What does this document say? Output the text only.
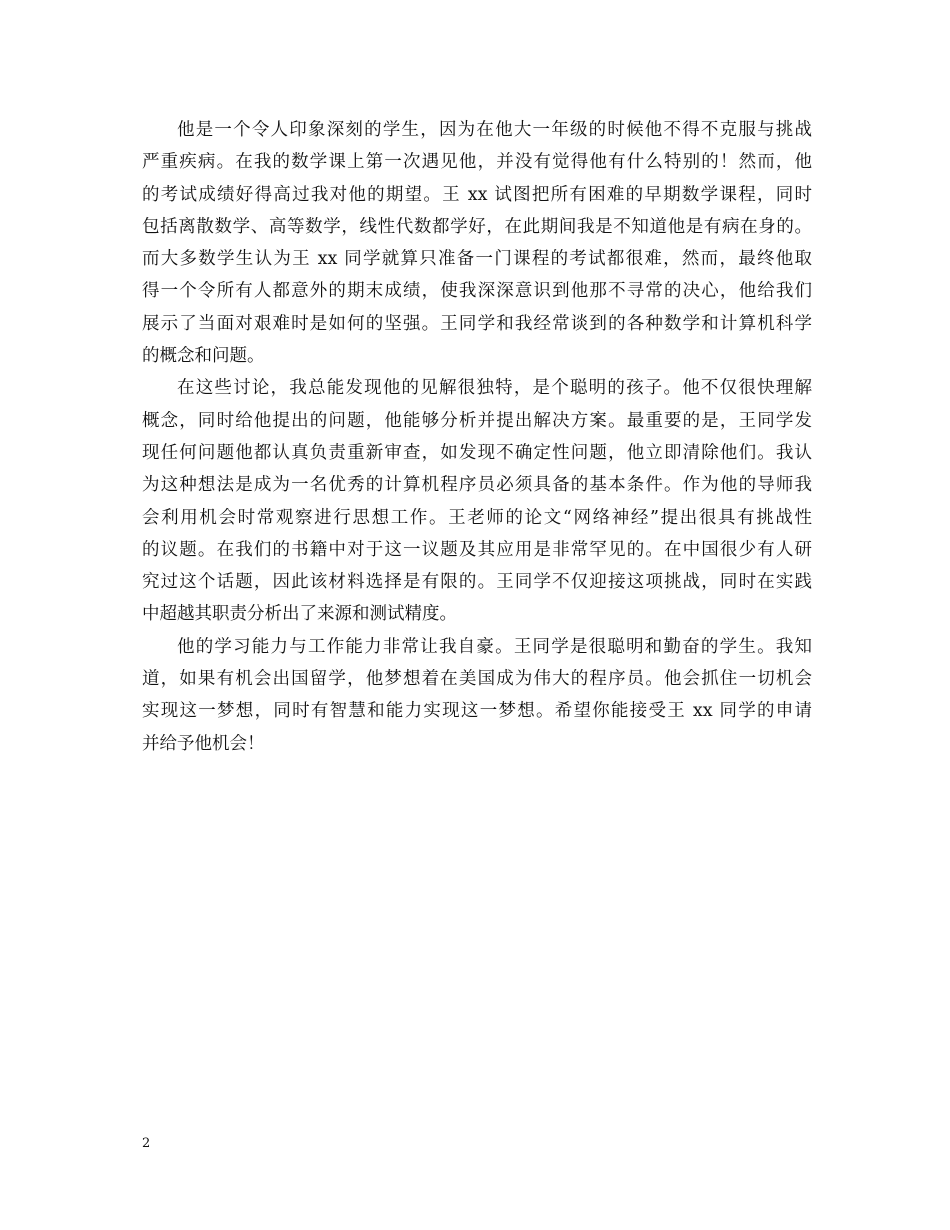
他是一个令人印象深刻的学生，因为在他大一年级的时候他不得不克服与挑战
严重疾病。在我的数学课上第一次遇见他，并没有觉得他有什么特别的！然而，他
的考试成绩好得高过我对他的期望。王 xx 试图把所有困难的早期数学课程，同时
包括离散数学、高等数学，线性代数都学好，在此期间我是不知道他是有病在身的。
而大多数学生认为王 xx 同学就算只准备一门课程的考试都很难，然而，最终他取
得一个令所有人都意外的期末成绩，使我深深意识到他那不寻常的决心，他给我们
展示了当面对艰难时是如何的坚强。王同学和我经常谈到的各种数学和计算机科学
的概念和问题。
在这些讨论，我总能发现他的见解很独特，是个聪明的孩子。他不仅很快理解
概念，同时给他提出的问题，他能够分析并提出解决方案。最重要的是，王同学发
现任何问题他都认真负责重新审查，如发现不确定性问题，他立即清除他们。我认
为这种想法是成为一名优秀的计算机程序员必须具备的基本条件。作为他的导师我
会利用机会时常观察进行思想工作。王老师的论文“网络神经”提出很具有挑战性
的议题。在我们的书籍中对于这一议题及其应用是非常罕见的。在中国很少有人研
究过这个话题，因此该材料选择是有限的。王同学不仅迎接这项挑战，同时在实践
中超越其职责分析出了来源和测试精度。
他的学习能力与工作能力非常让我自豪。王同学是很聪明和勤奋的学生。我知
道，如果有机会出国留学，他梦想着在美国成为伟大的程序员。他会抓住一切机会
实现这一梦想，同时有智慧和能力实现这一梦想。希望你能接受王 xx 同学的申请
并给予他机会！
2
